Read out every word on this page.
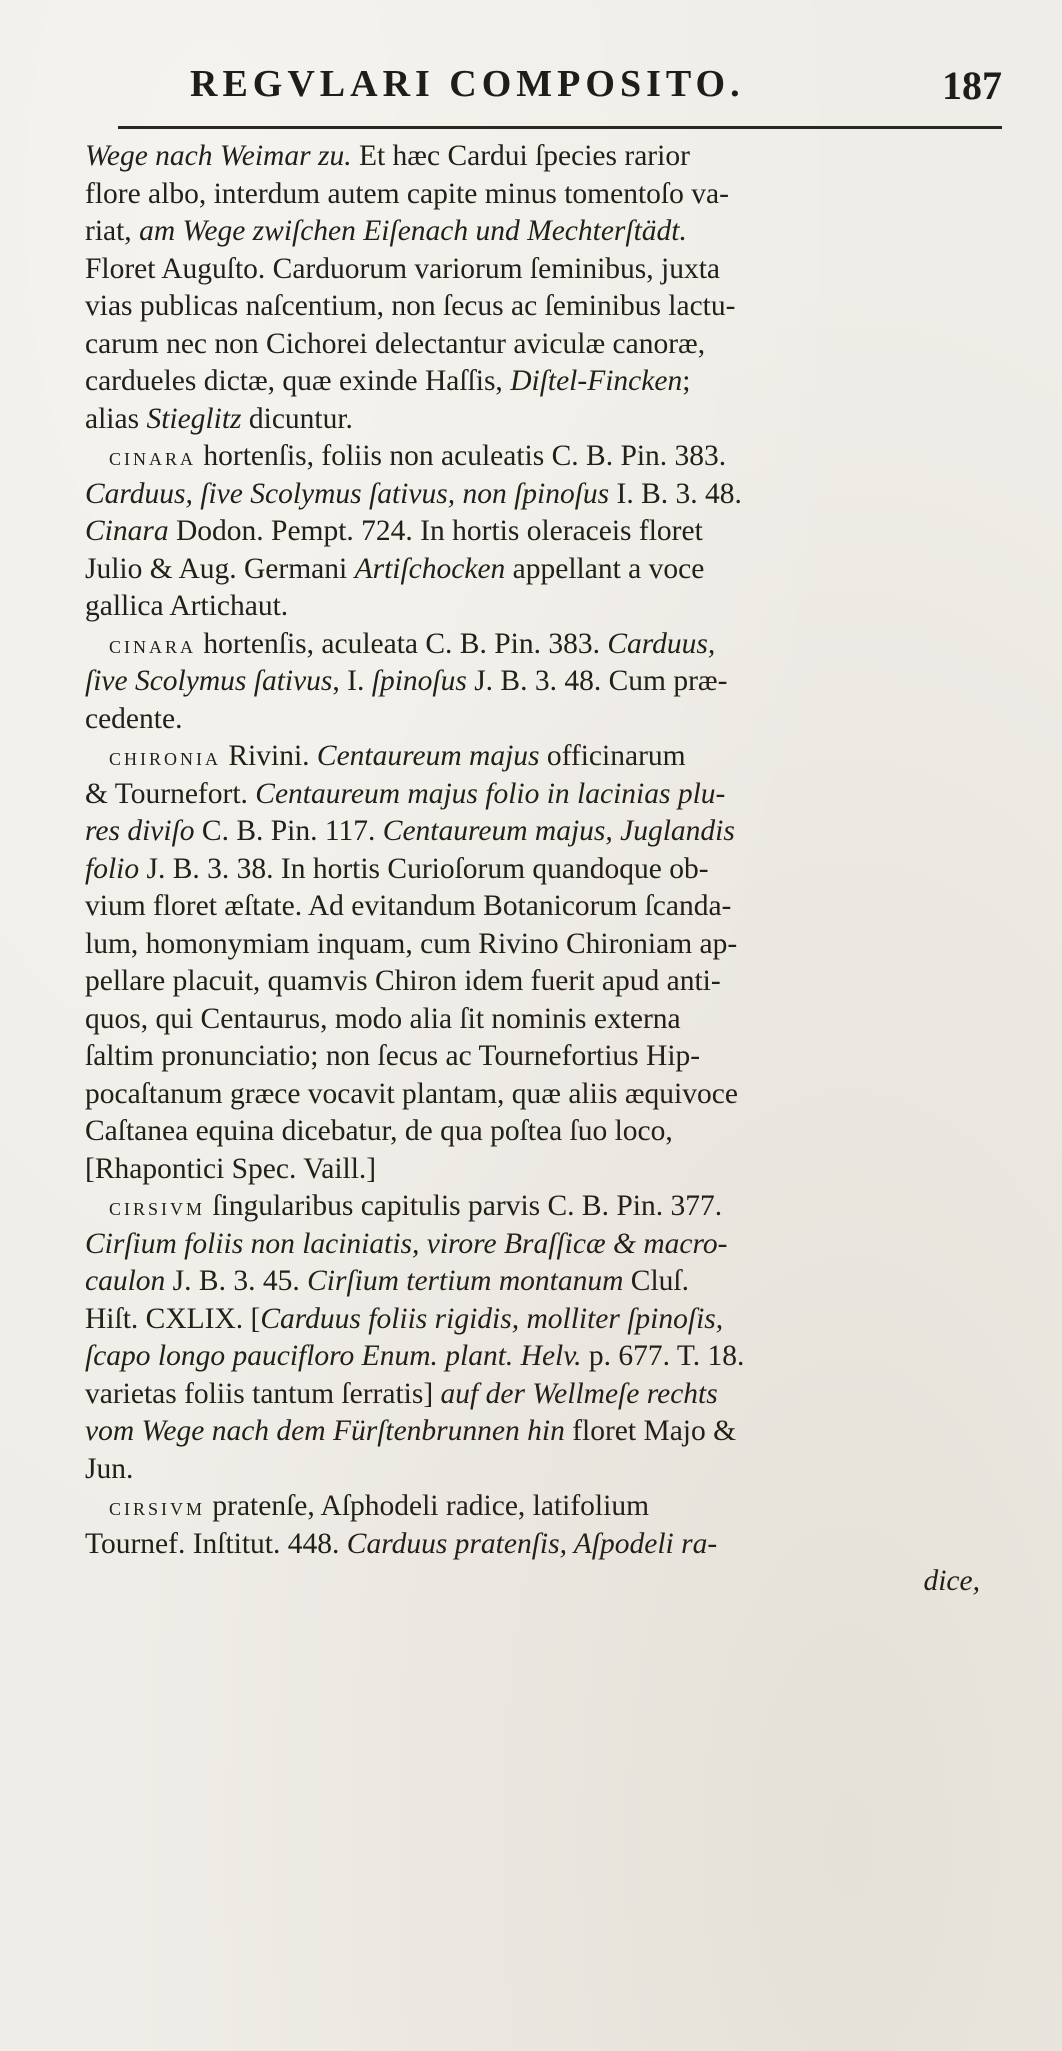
REGVLARI COMPOSITO.	187
Wege nach Weimar zu. Et hæc Cardui ſpecies rarior
flore albo, interdum autem capite minus tomentoſo va-
riat, am Wege zwiſchen Eiſenach und Mechterſtädt.
Floret Auguſto. Carduorum variorum ſeminibus, juxta
vias publicas naſcentium, non ſecus ac ſeminibus lactu-
carum nec non Cichorei delectantur aviculæ canoræ,
cardueles dictæ, quæ exinde Haſſis, Diſtel-Fincken;
alias Stieglitz dicuntur.
cinara hortenſis, foliis non aculeatis C. B. Pin. 383.
Carduus, ſive Scolymus ſativus, non ſpinoſus I. B. 3. 48.
Cinara Dodon. Pempt. 724. In hortis oleraceis floret
Julio & Aug. Germani Artiſchocken appellant a voce
gallica Artichaut.
cinara hortenſis, aculeata C. B. Pin. 383. Carduus,
ſive Scolymus ſativus, I. ſpinoſus J. B. 3. 48. Cum præ-
cedente.
chironia Rivini. Centaureum majus officinarum
& Tournefort. Centaureum majus folio in lacinias plu-
res diviſo C. B. Pin. 117. Centaureum majus, Juglandis
folio J. B. 3. 38. In hortis Curioſorum quandoque ob-
vium floret æſtate. Ad evitandum Botanicorum ſcanda-
lum, homonymiam inquam, cum Rivino Chironiam ap-
pellare placuit, quamvis Chiron idem fuerit apud anti-
quos, qui Centaurus, modo alia ſit nominis externa
ſaltim pronunciatio; non ſecus ac Tournefortius Hip-
pocaſtanum græce vocavit plantam, quæ aliis æquivoce
Caſtanea equina dicebatur, de qua poſtea ſuo loco,
[Rhapontici Spec. Vaill.]
cirsivm ſingularibus capitulis parvis C. B. Pin. 377.
Cirſium foliis non laciniatis, virore Braſſicæ & macro-
caulon J. B. 3. 45. Cirſium tertium montanum Cluſ.
Hiſt. CXLIX. [Carduus foliis rigidis, molliter ſpinoſis,
ſcapo longo paucifloro Enum. plant. Helv. p. 677. T. 18.
varietas foliis tantum ſerratis] auf der Wellmeſe rechts
vom Wege nach dem Fürſtenbrunnen hin floret Majo &
Jun.
cirsivm pratenſe, Aſphodeli radice, latifolium
Tournef. Inſtitut. 448. Carduus pratenſis, Aſpodeli ra-
dice,
